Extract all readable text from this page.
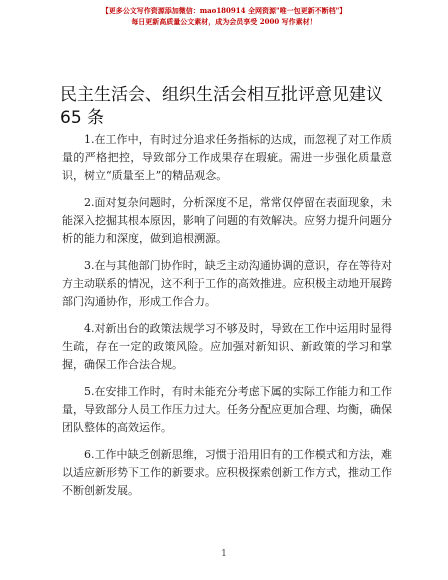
【更多公文写作资源添加微信：mao180914 全网资源"唯一包更新不断档"】
每日更新高质量公文素材，成为会员享受 2000 写作素材！
民主生活会、组织生活会相互批评意见建议 65 条

1.在工作中，有时过分追求任务指标的达成，而忽视了对工作质量的严格把控，导致部分工作成果存在瑕疵。需进一步强化质量意识，树立“质量至上”的精品观念。

2.面对复杂问题时，分析深度不足，常常仅停留在表面现象，未能深入挖掘其根本原因，影响了问题的有效解决。应努力提升问题分析的能力和深度，做到追根溯源。

3.在与其他部门协作时，缺乏主动沟通协调的意识，存在等待对方主动联系的情况，这不利于工作的高效推进。应积极主动地开展跨部门沟通协作，形成工作合力。

4.对新出台的政策法规学习不够及时，导致在工作中运用时显得生疏，存在一定的政策风险。应加强对新知识、新政策的学习和掌握，确保工作合法合规。

5.在安排工作时，有时未能充分考虑下属的实际工作能力和工作量，导致部分人员工作压力过大。任务分配应更加合理、均衡，确保团队整体的高效运作。

6.工作中缺乏创新思维，习惯于沿用旧有的工作模式和方法，难以适应新形势下工作的新要求。应积极探索创新工作方式，推动工作不断创新发展。

1
